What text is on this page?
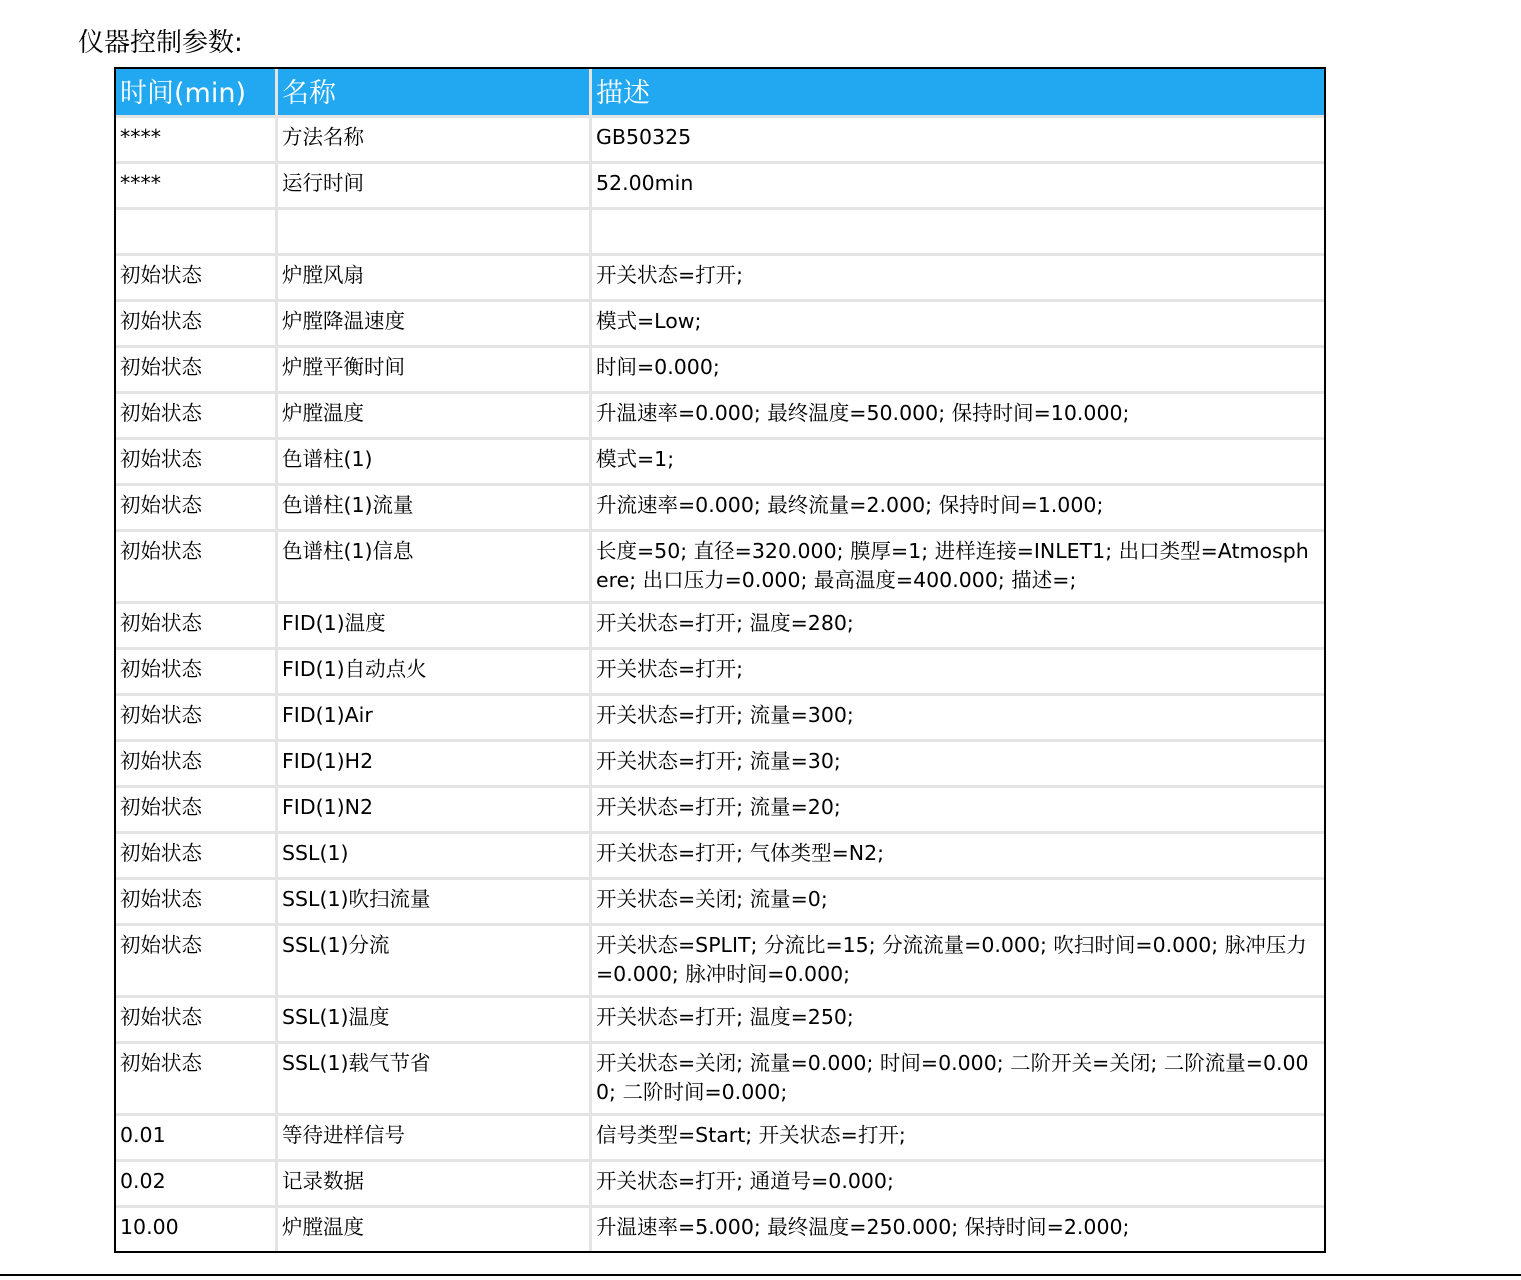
仪器控制参数:
时间(min)	名称	描述
****	方法名称	GB50325
****	运行时间	52.00min

初始状态	炉膛风扇	开关状态=打开;
初始状态	炉膛降温速度	模式=Low;
初始状态	炉膛平衡时间	时间=0.000;
初始状态	炉膛温度	升温速率=0.000; 最终温度=50.000; 保持时间=10.000;
初始状态	色谱柱(1)	模式=1;
初始状态	色谱柱(1)流量	升流速率=0.000; 最终流量=2.000; 保持时间=1.000;
初始状态	色谱柱(1)信息	长度=50; 直径=320.000; 膜厚=1; 进样连接=INLET1; 出口类型=Atmosphere; 出口压力=0.000; 最高温度=400.000; 描述=;
初始状态	FID(1)温度	开关状态=打开; 温度=280;
初始状态	FID(1)自动点火	开关状态=打开;
初始状态	FID(1)Air	开关状态=打开; 流量=300;
初始状态	FID(1)H2	开关状态=打开; 流量=30;
初始状态	FID(1)N2	开关状态=打开; 流量=20;
初始状态	SSL(1)	开关状态=打开; 气体类型=N2;
初始状态	SSL(1)吹扫流量	开关状态=关闭; 流量=0;
初始状态	SSL(1)分流	开关状态=SPLIT; 分流比=15; 分流流量=0.000; 吹扫时间=0.000; 脉冲压力=0.000; 脉冲时间=0.000;
初始状态	SSL(1)温度	开关状态=打开; 温度=250;
初始状态	SSL(1)载气节省	开关状态=关闭; 流量=0.000; 时间=0.000; 二阶开关=关闭; 二阶流量=0.000; 二阶时间=0.000;
0.01	等待进样信号	信号类型=Start; 开关状态=打开;
0.02	记录数据	开关状态=打开; 通道号=0.000;
10.00	炉膛温度	升温速率=5.000; 最终温度=250.000; 保持时间=2.000;
